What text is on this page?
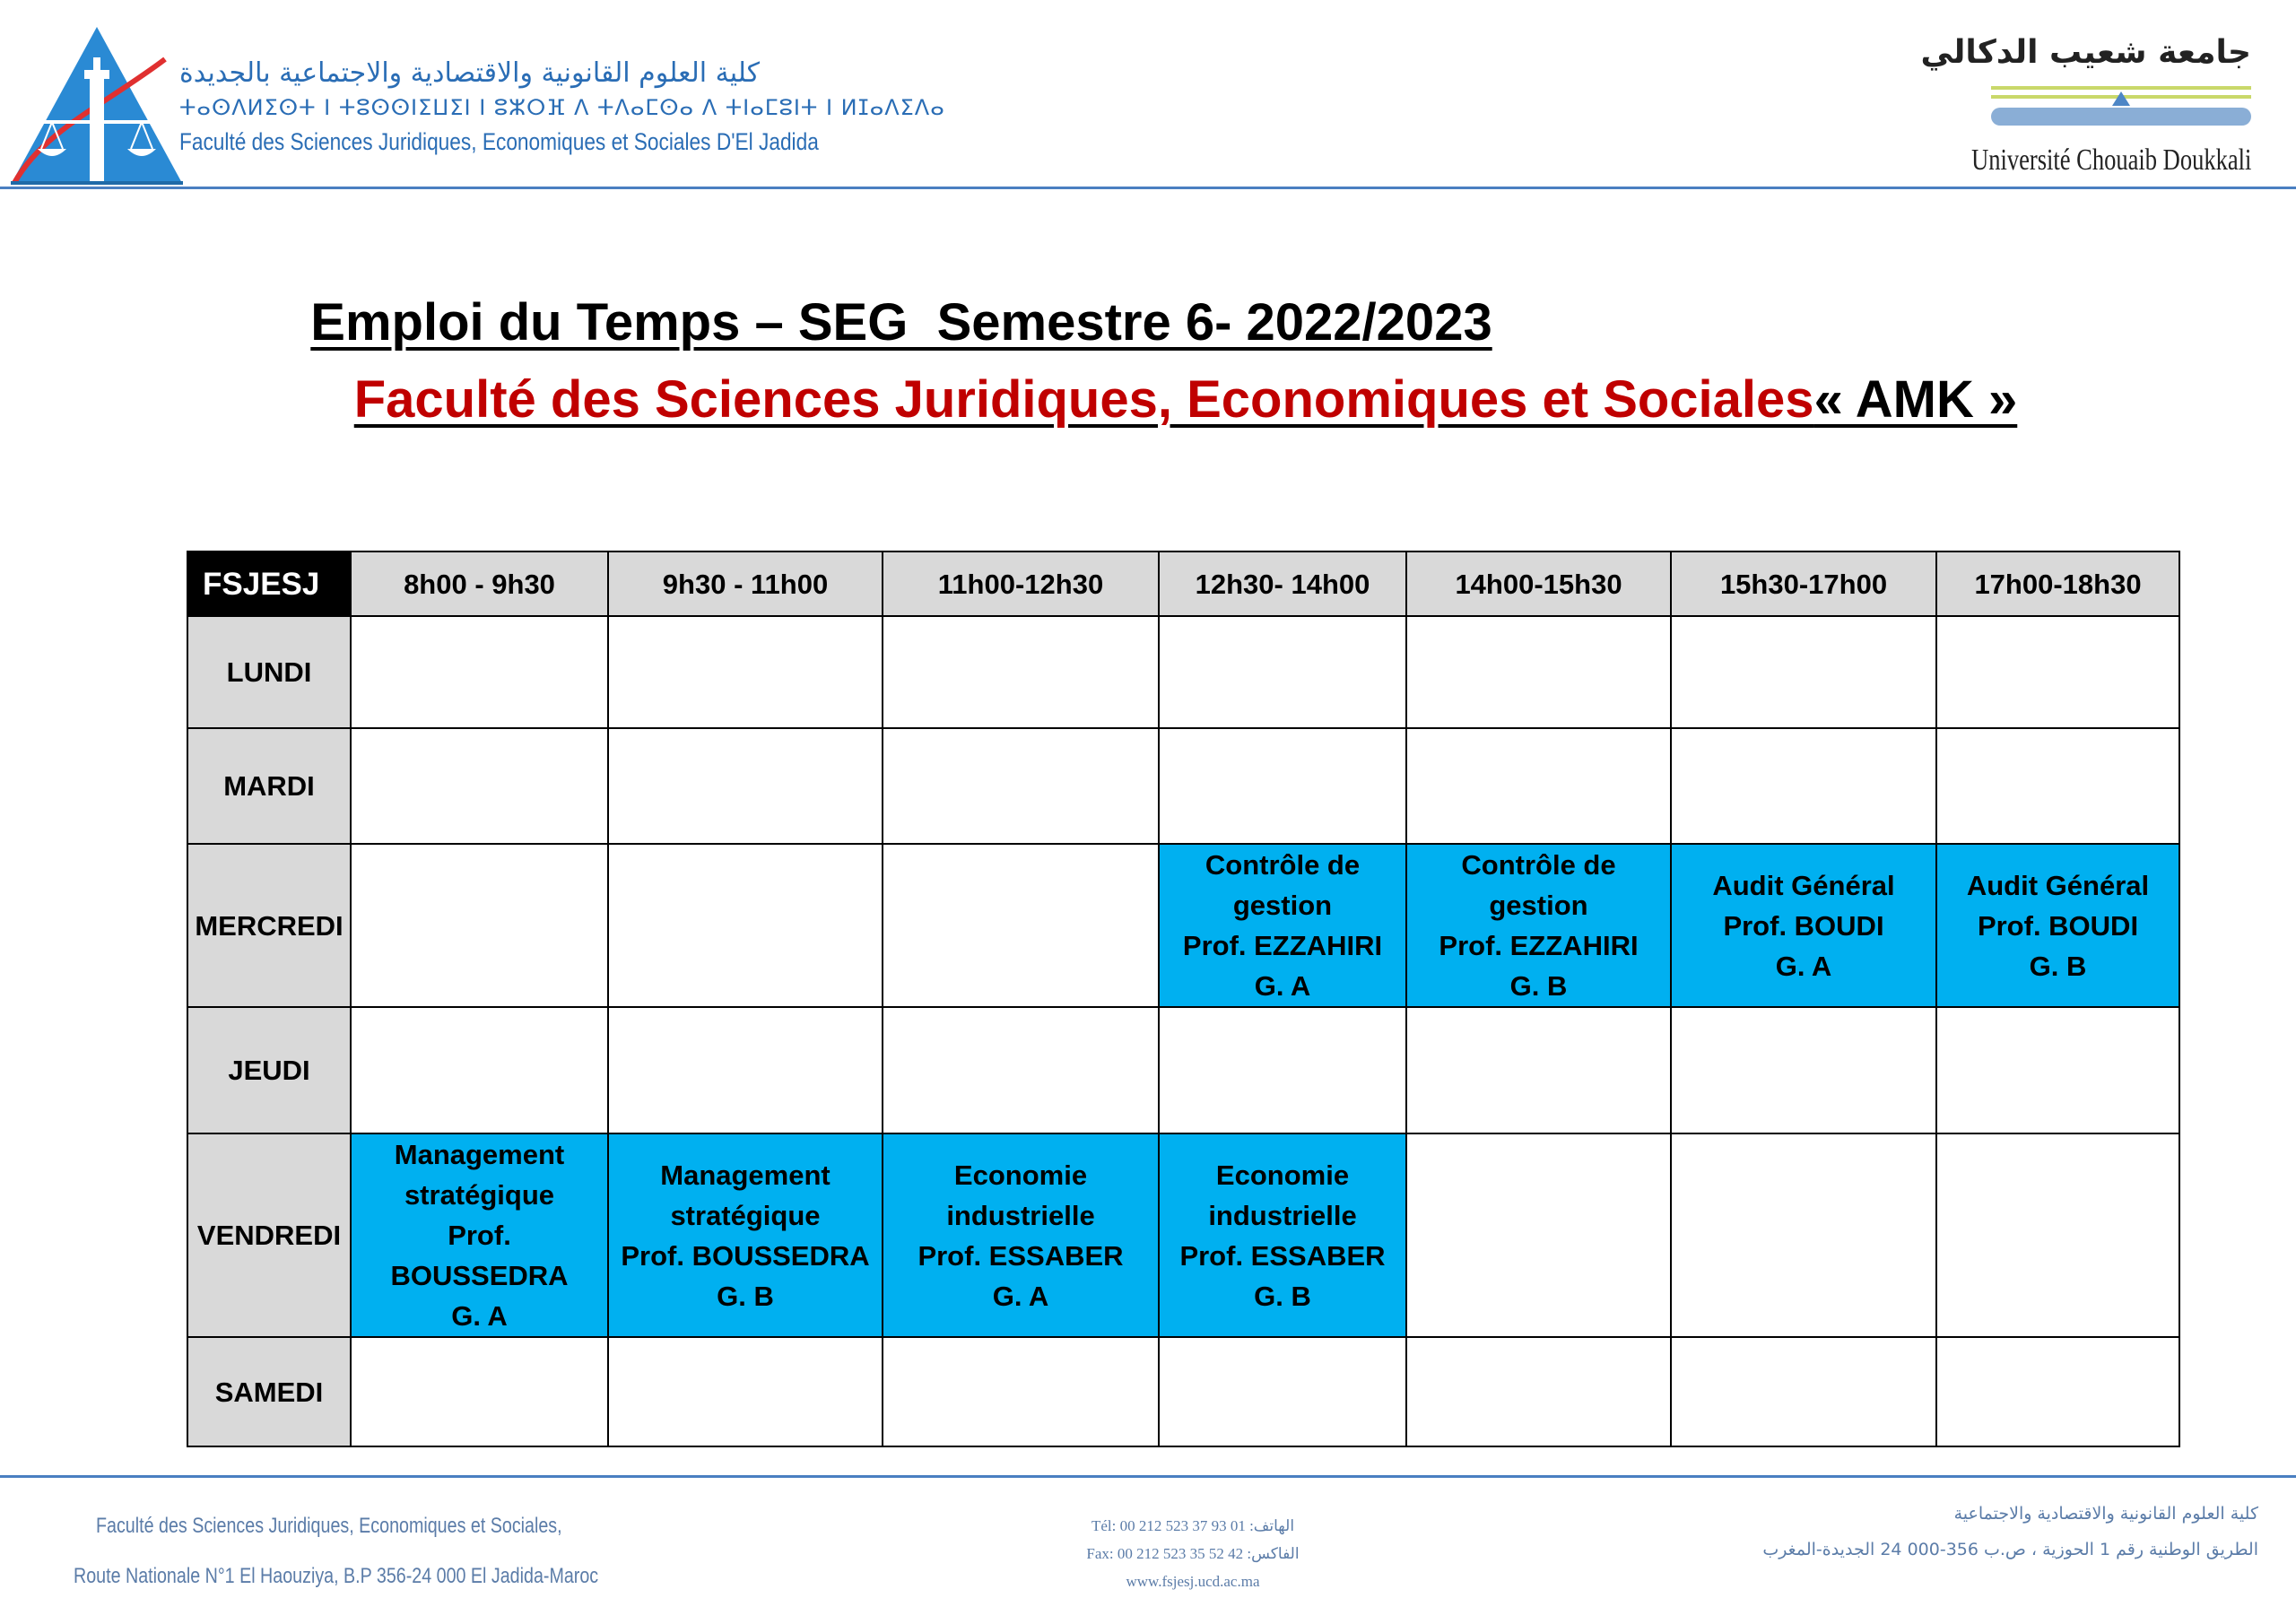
كلية العلوم القانونية والاقتصادية والاجتماعية بالجديدة
ⵜⴰⵙⴷⵍⵉⵙⵜ ⵏ ⵜⵓⵙⵙⵏⵉⵡⵉⵏ ⵏ ⵓⵣⵔⴼ ⴷ ⵜⴷⴰⵎⵙⴰ ⴷ ⵜⵏⴰⵎⵓⵏⵜ ⵏ ⵍⵊⴰⴷⵉⴷⴰ
Faculté des Sciences Juridiques, Economiques et Sociales D'El Jadida
جامعة شعيب الدكالي
Université Chouaib Doukkali
Emploi du Temps – SEG  Semestre 6- 2022/2023
Faculté des Sciences Juridiques, Economiques et Sociales« AMK »
FSJESJ	8h00 - 9h30	9h30 - 11h00	11h00-12h30	12h30- 14h00	14h00-15h30	15h30-17h00	17h00-18h30
LUNDI							
MARDI							
MERCREDI				Contrôle de
gestion
Prof. EZZAHIRI
G. A	Contrôle de
gestion
Prof. EZZAHIRI
G. B	Audit Général
Prof. BOUDI
G. A	Audit Général
Prof. BOUDI
G. B

JEUDI							
VENDREDI	Management
stratégique
Prof.
BOUSSEDRA
G. A	Management
stratégique
Prof. BOUSSEDRA
G. B	Economie
industrielle
Prof. ESSABER
G. A	Economie
industrielle
Prof. ESSABER
G. B			

SAMEDI							
Faculté des Sciences Juridiques, Economiques et Sociales,
Route Nationale N°1 El Haouziya, B.P 356-24 000 El Jadida-Maroc
Tél: 00 212 523 37 93 01 :الهاتف
Fax: 00 212 523 35 52 42 :الفاكس
www.fsjesj.ucd.ac.ma
كلية العلوم القانونية والاقتصادية والاجتماعية
الطريق الوطنية رقم 1 الحوزية ، ص.ب 356-000 24 الجديدة-المغرب
